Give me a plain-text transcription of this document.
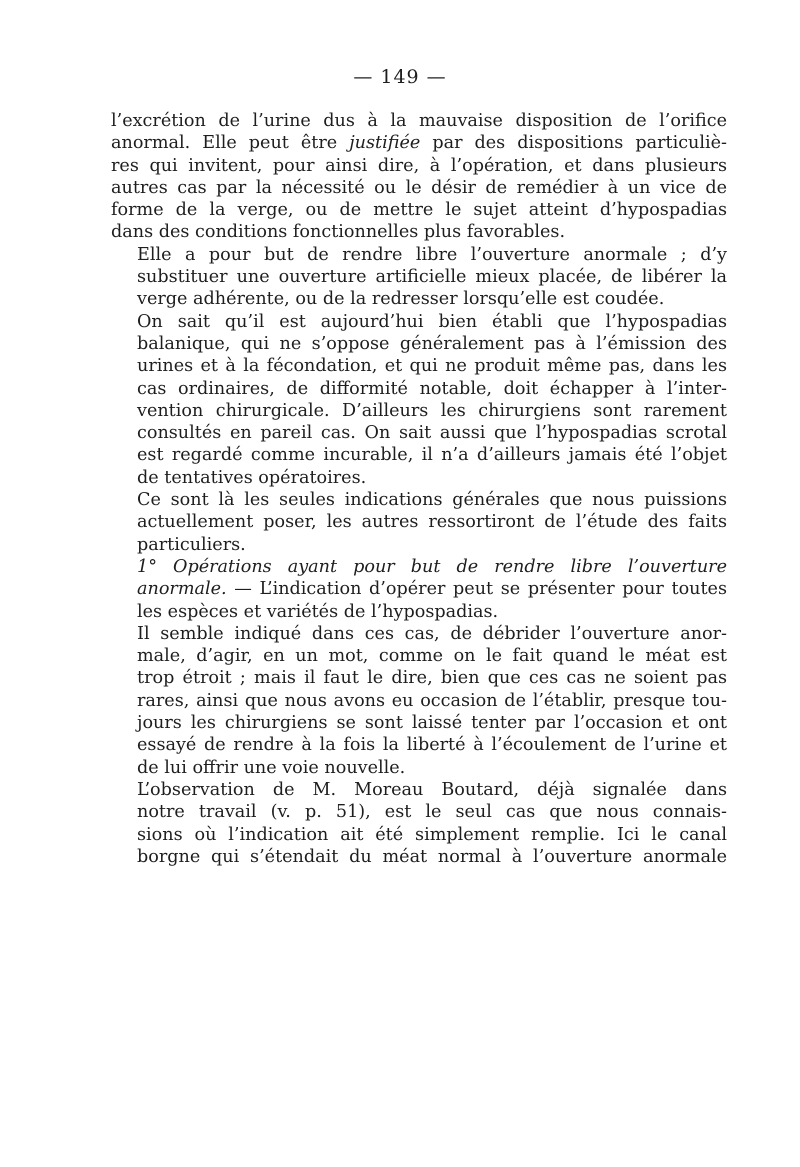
— 149 —

l’excrétion de l’urine dus à la mauvaise disposition de l’orifice
anormal. Elle peut être justifiée par des dispositions particuliè-
res qui invitent, pour ainsi dire, à l’opération, et dans plusieurs
autres cas par la nécessité ou le désir de remédier à un vice de
forme de la verge, ou de mettre le sujet atteint d’hypospadias
dans des conditions fonctionnelles plus favorables.

Elle a pour but de rendre libre l’ouverture anormale ; d’y
substituer une ouverture artificielle mieux placée, de libérer la
verge adhérente, ou de la redresser lorsqu’elle est coudée.

On sait qu’il est aujourd’hui bien établi que l’hypospadias
balanique, qui ne s’oppose généralement pas à l’émission des
urines et à la fécondation, et qui ne produit même pas, dans les
cas ordinaires, de difformité notable, doit échapper à l’inter-
vention chirurgicale. D’ailleurs les chirurgiens sont rarement
consultés en pareil cas. On sait aussi que l’hypospadias scrotal
est regardé comme incurable, il n’a d’ailleurs jamais été l’objet
de tentatives opératoires.

Ce sont là les seules indications générales que nous puissions
actuellement poser, les autres ressortiront de l’étude des faits
particuliers.

1° Opérations ayant pour but de rendre libre l’ouverture
anormale. — L’indication d’opérer peut se présenter pour toutes
les espèces et variétés de l’hypospadias.

Il semble indiqué dans ces cas, de débrider l’ouverture anor-
male, d’agir, en un mot, comme on le fait quand le méat est
trop étroit ; mais il faut le dire, bien que ces cas ne soient pas
rares, ainsi que nous avons eu occasion de l’établir, presque tou-
jours les chirurgiens se sont laissé tenter par l’occasion et ont
essayé de rendre à la fois la liberté à l’écoulement de l’urine et
de lui offrir une voie nouvelle.

L’observation de M. Moreau Boutard, déjà signalée dans
notre travail (v. p. 51), est le seul cas que nous connais-
sions où l’indication ait été simplement remplie. Ici le canal
borgne qui s’étendait du méat normal à l’ouverture anormale
